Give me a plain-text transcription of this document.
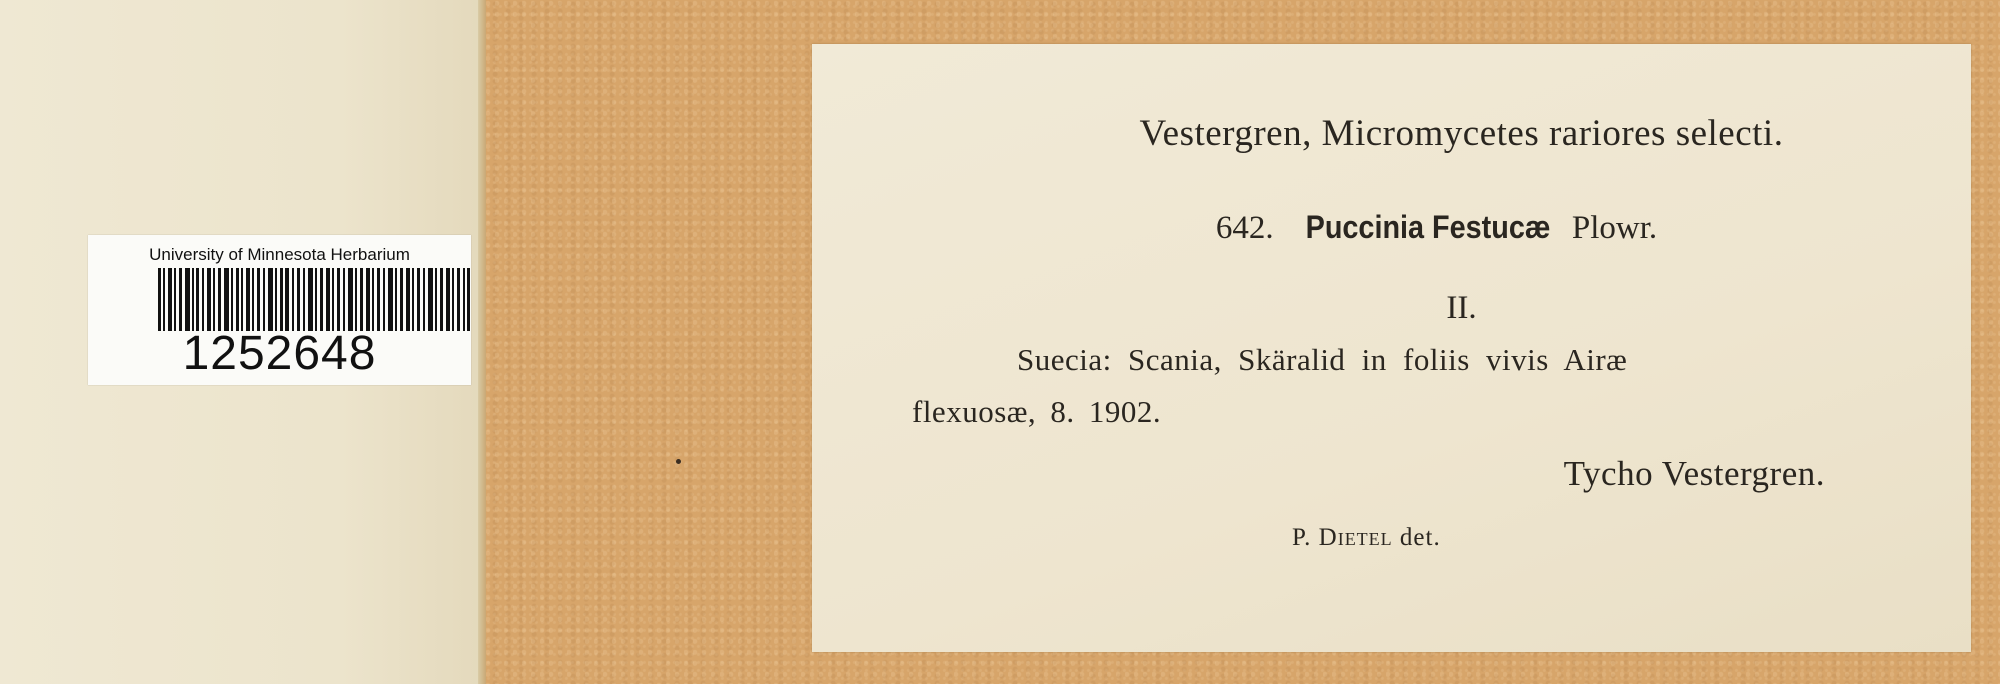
University of Minnesota Herbarium
1252648
Vestergren, Micromycetes rariores selecti.
642. Puccinia Festucæ Plowr.
II.
Suecia: Scania, Skäralid in foliis vivis Airæ
flexuosæ, 8. 1902.
Tycho Vestergren.
P. Dietel det.
